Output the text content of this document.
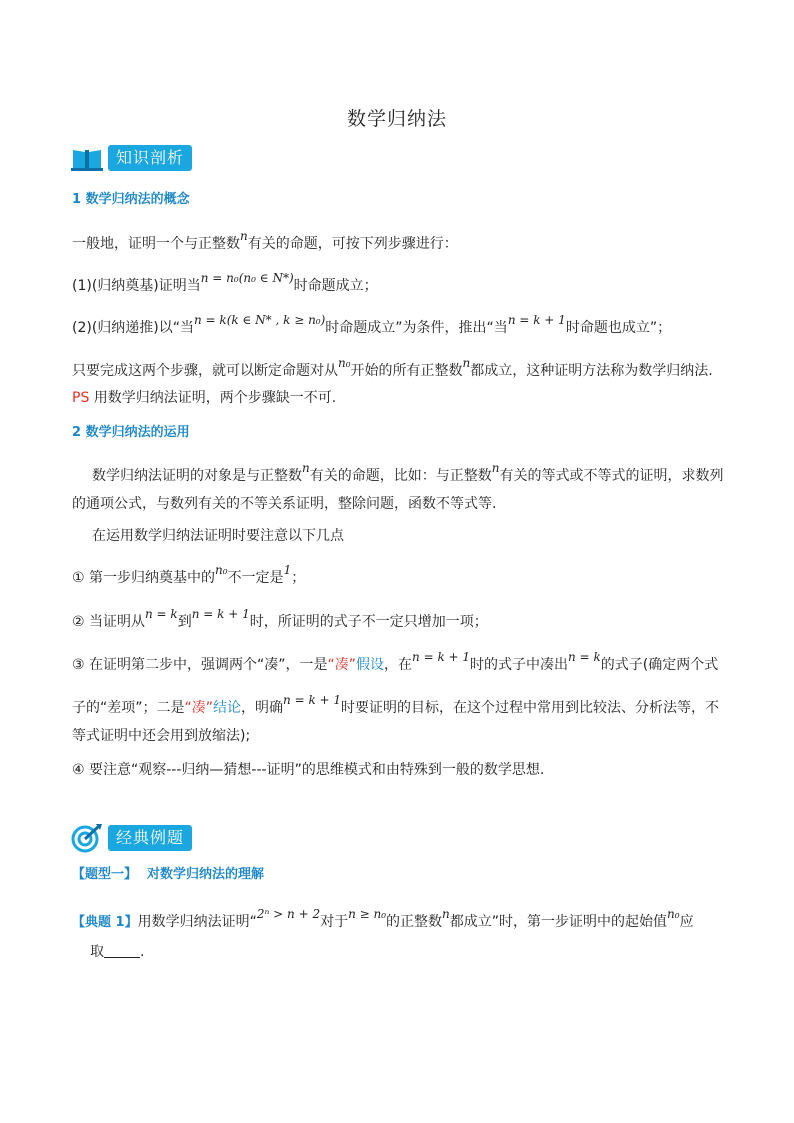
数学归纳法
知识剖析
1 数学归纳法的概念
一般地，证明一个与正整数n有关的命题，可按下列步骤进行：
(1)(归纳奠基)证明当n = n₀(n₀ ∈ N*)时命题成立；
(2)(归纳递推)以“当n = k(k ∈ N* , k ≥ n₀)时命题成立”为条件，推出“当n = k + 1时命题也成立”；
只要完成这两个步骤，就可以断定命题对从n₀开始的所有正整数n都成立，这种证明方法称为数学归纳法.
PS 用数学归纳法证明，两个步骤缺一不可.
2 数学归纳法的运用
数学归纳法证明的对象是与正整数n有关的命题，比如：与正整数n有关的等式或不等式的证明，求数列
的通项公式，与数列有关的不等关系证明，整除问题，函数不等式等.
在运用数学归纳法证明时要注意以下几点
① 第一步归纳奠基中的n₀不一定是1；
② 当证明从n = k到n = k + 1时，所证明的式子不一定只增加一项；
③ 在证明第二步中，强调两个“凑”，一是“凑”假设，在n = k + 1时的式子中凑出n = k的式子(确定两个式
子的“差项”；二是“凑”结论，明确n = k + 1时要证明的目标，在这个过程中常用到比较法、分析法等，不
等式证明中还会用到放缩法);
④ 要注意“观察---归纳—猜想---证明”的思维模式和由特殊到一般的数学思想.
经典例题
【题型一】 对数学归纳法的理解
【典题 1】用数学归纳法证明“2ⁿ > n + 2对于n ≥ n₀的正整数n都成立”时，第一步证明中的起始值n₀应
取	.
